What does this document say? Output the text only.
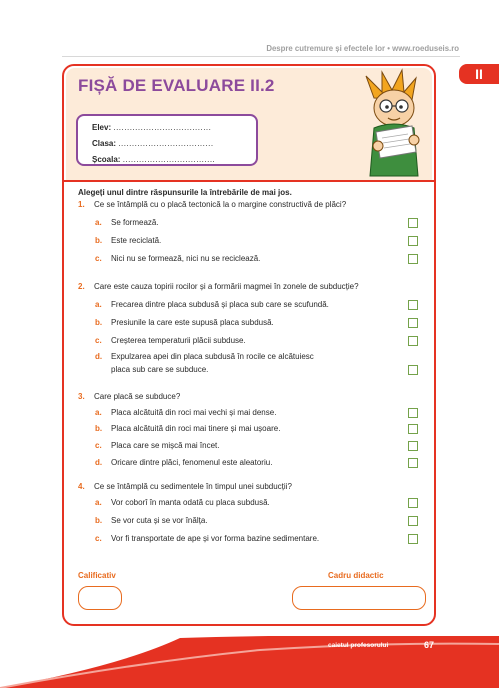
Despre cutremure și efectele lor • www.roeduseis.ro
II
FIȘĂ DE EVALUARE II.2
Elev: ....................................
Clasa: ...................................
Școala: ..................................
Alegeți unul dintre răspunsurile la întrebările de mai jos.
1. Ce se întâmplă cu o placă tectonică la o margine constructivă de plăci?
a. Se formează.
b. Este reciclată.
c. Nici nu se formează, nici nu se reciclează.
2. Care este cauza topirii rocilor și a formării magmei în zonele de subducție?
a. Frecarea dintre placa subdusă și placa sub care se scufundă.
b. Presiunile la care este supusă placa subdusă.
c. Creșterea temperaturii plăcii subduse.
d. Expulzarea apei din placa subdusă în rocile ce alcătuiesc
placa sub care se subduce.
3. Care placă se subduce?
a. Placa alcătuită din roci mai vechi și mai dense.
b. Placa alcătuită din roci mai tinere și mai ușoare.
c. Placa care se mișcă mai încet.
d. Oricare dintre plăci, fenomenul este aleatoriu.
4. Ce se întâmplă cu sedimentele în timpul unei subducții?
a. Vor coborî în manta odată cu placa subdusă.
b. Se vor cuta și se vor înălța.
c. Vor fi transportate de ape și vor forma bazine sedimentare.
Calificativ	Cadru didactic
caietul profesorului	67
